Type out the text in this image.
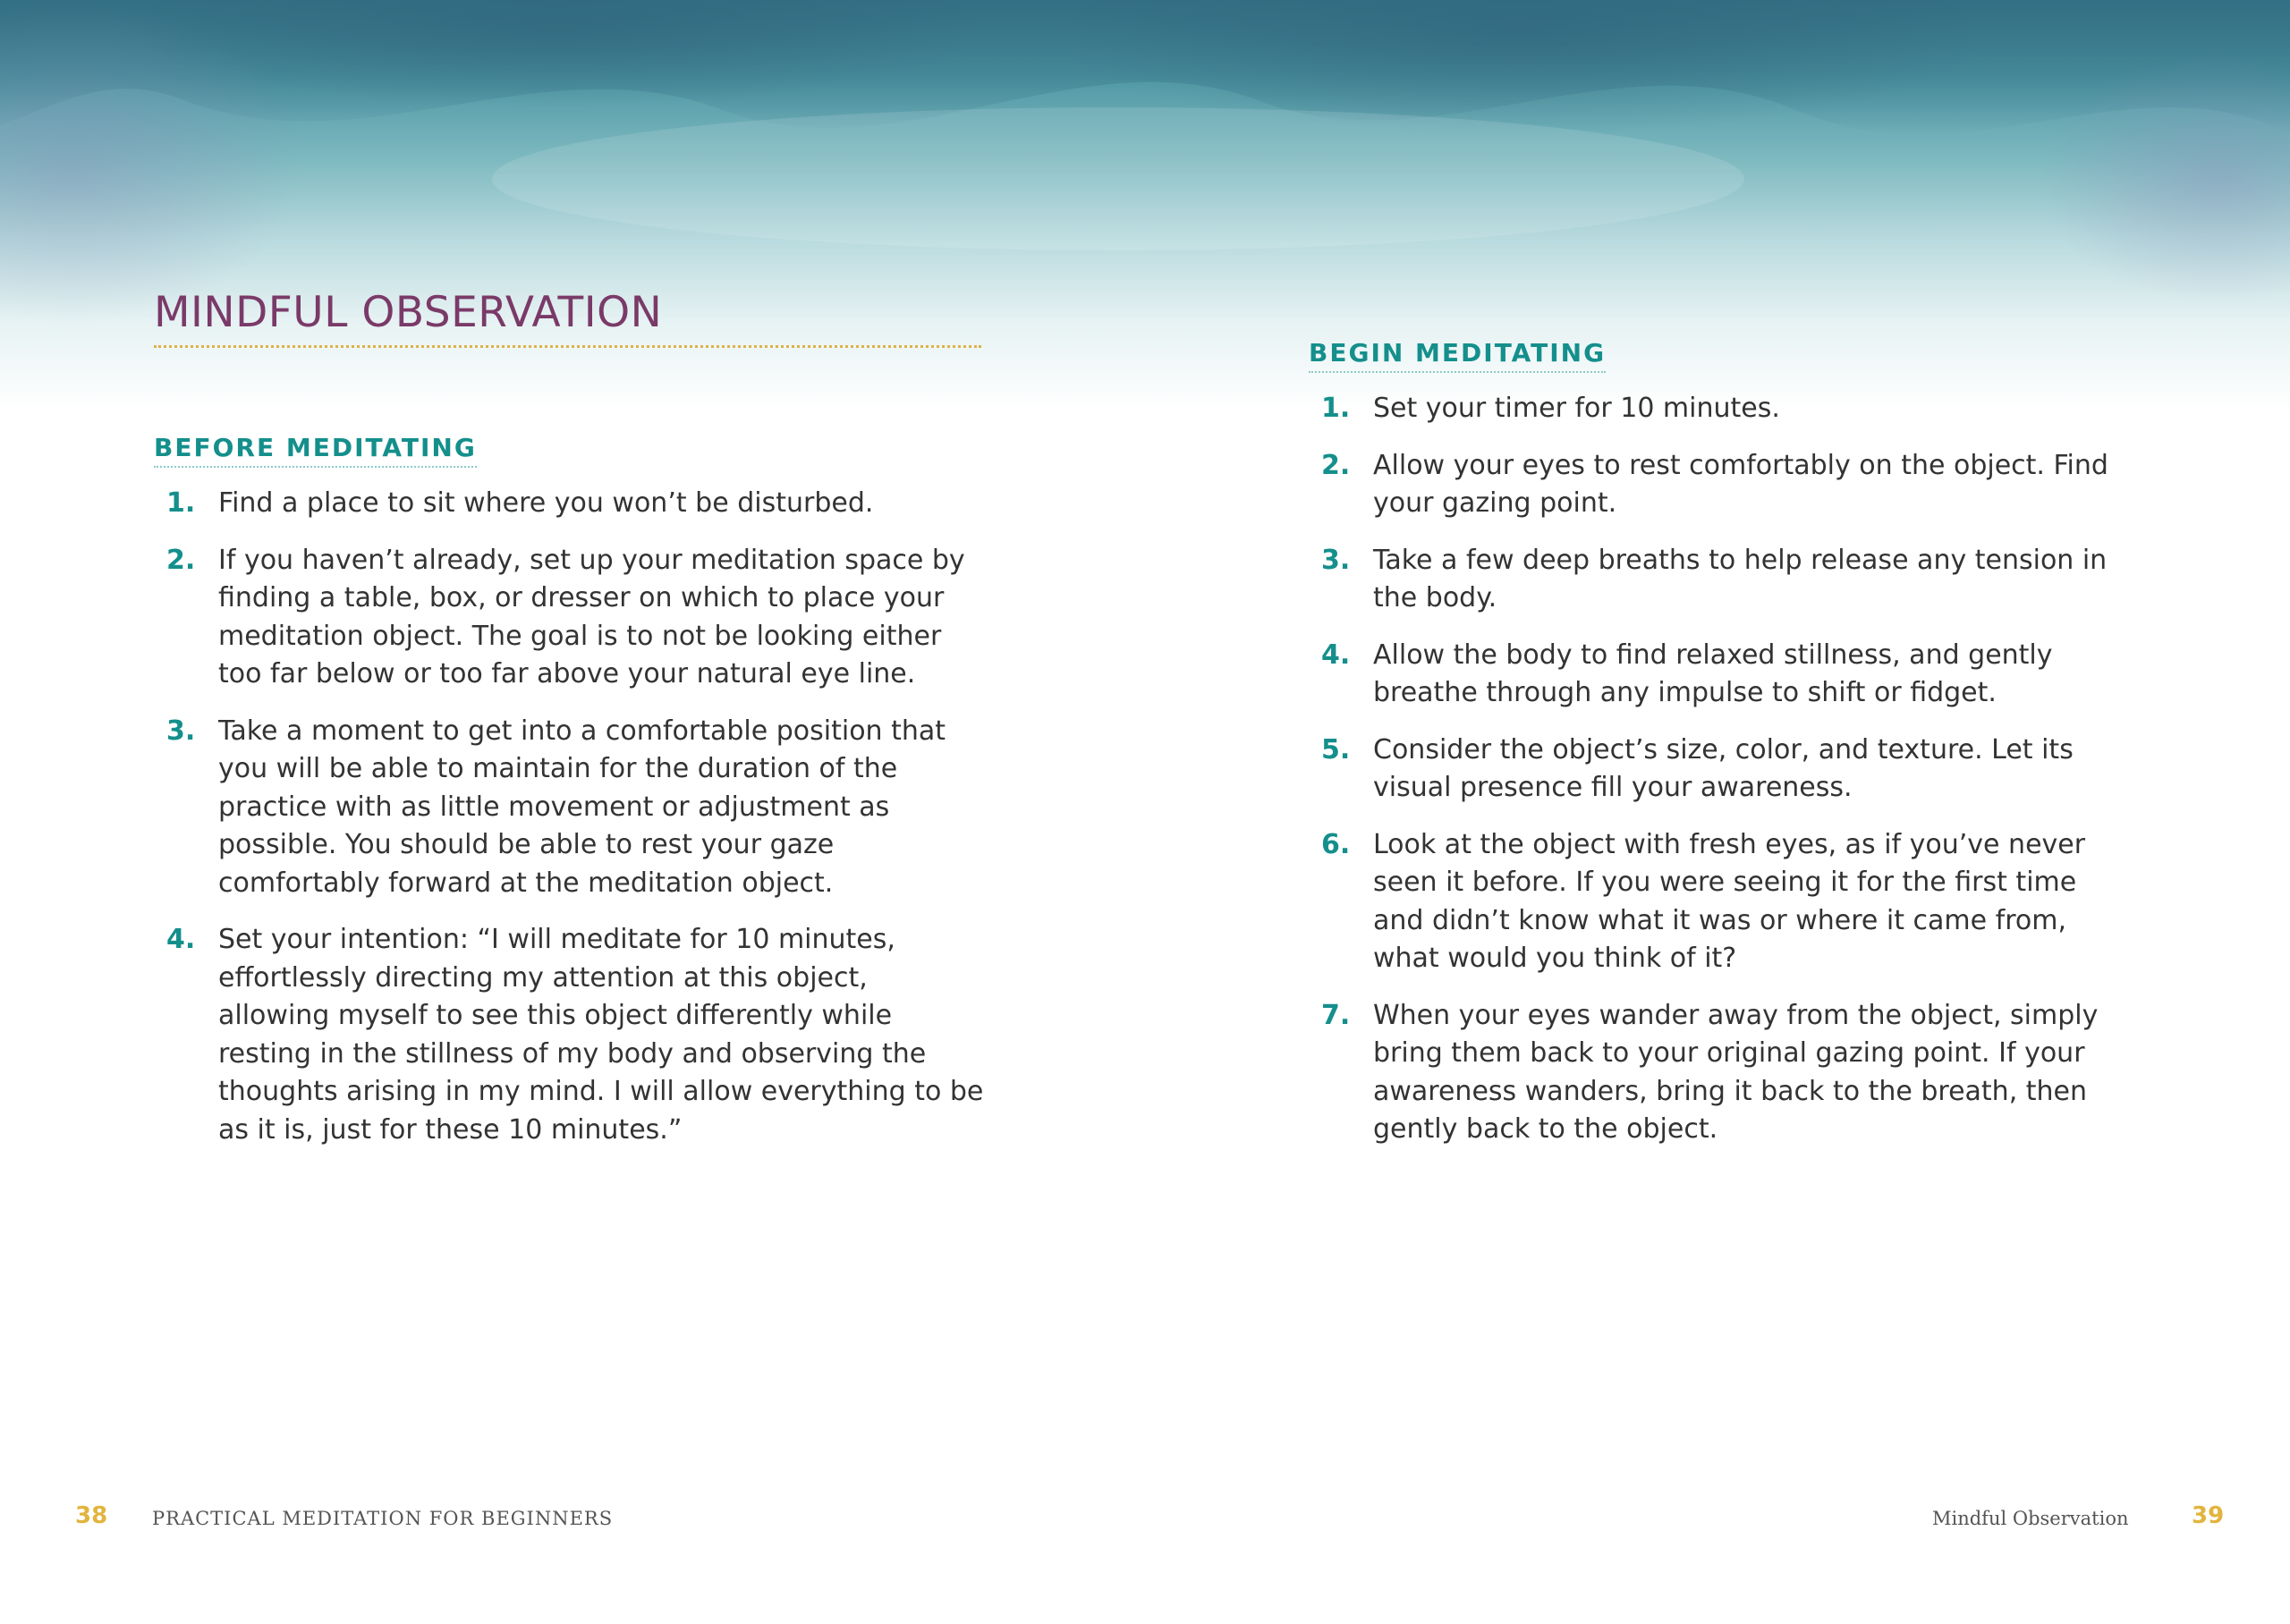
MINDFUL OBSERVATION
BEFORE MEDITATING
1. Find a place to sit where you won’t be disturbed.
2. If you haven’t already, set up your meditation space by finding a table, box, or dresser on which to place your meditation object. The goal is to not be looking either too far below or too far above your natural eye line.
3. Take a moment to get into a comfortable position that you will be able to maintain for the duration of the practice with as little movement or adjustment as possible. You should be able to rest your gaze comfortably forward at the meditation object.
4. Set your intention: “I will meditate for 10 minutes, effortlessly directing my attention at this object, allowing myself to see this object differently while resting in the stillness of my body and observing the thoughts arising in my mind. I will allow everything to be as it is, just for these 10 minutes.”
38 PRACTICAL MEDITATION FOR BEGINNERS
BEGIN MEDITATING
1. Set your timer for 10 minutes.
2. Allow your eyes to rest comfortably on the object. Find your gazing point.
3. Take a few deep breaths to help release any tension in the body.
4. Allow the body to find relaxed stillness, and gently breathe through any impulse to shift or fidget.
5. Consider the object’s size, color, and texture. Let its visual presence fill your awareness.
6. Look at the object with fresh eyes, as if you’ve never seen it before. If you were seeing it for the first time and didn’t know what it was or where it came from, what would you think of it?
7. When your eyes wander away from the object, simply bring them back to your original gazing point. If your awareness wanders, bring it back to the breath, then gently back to the object.
Mindful Observation	39
